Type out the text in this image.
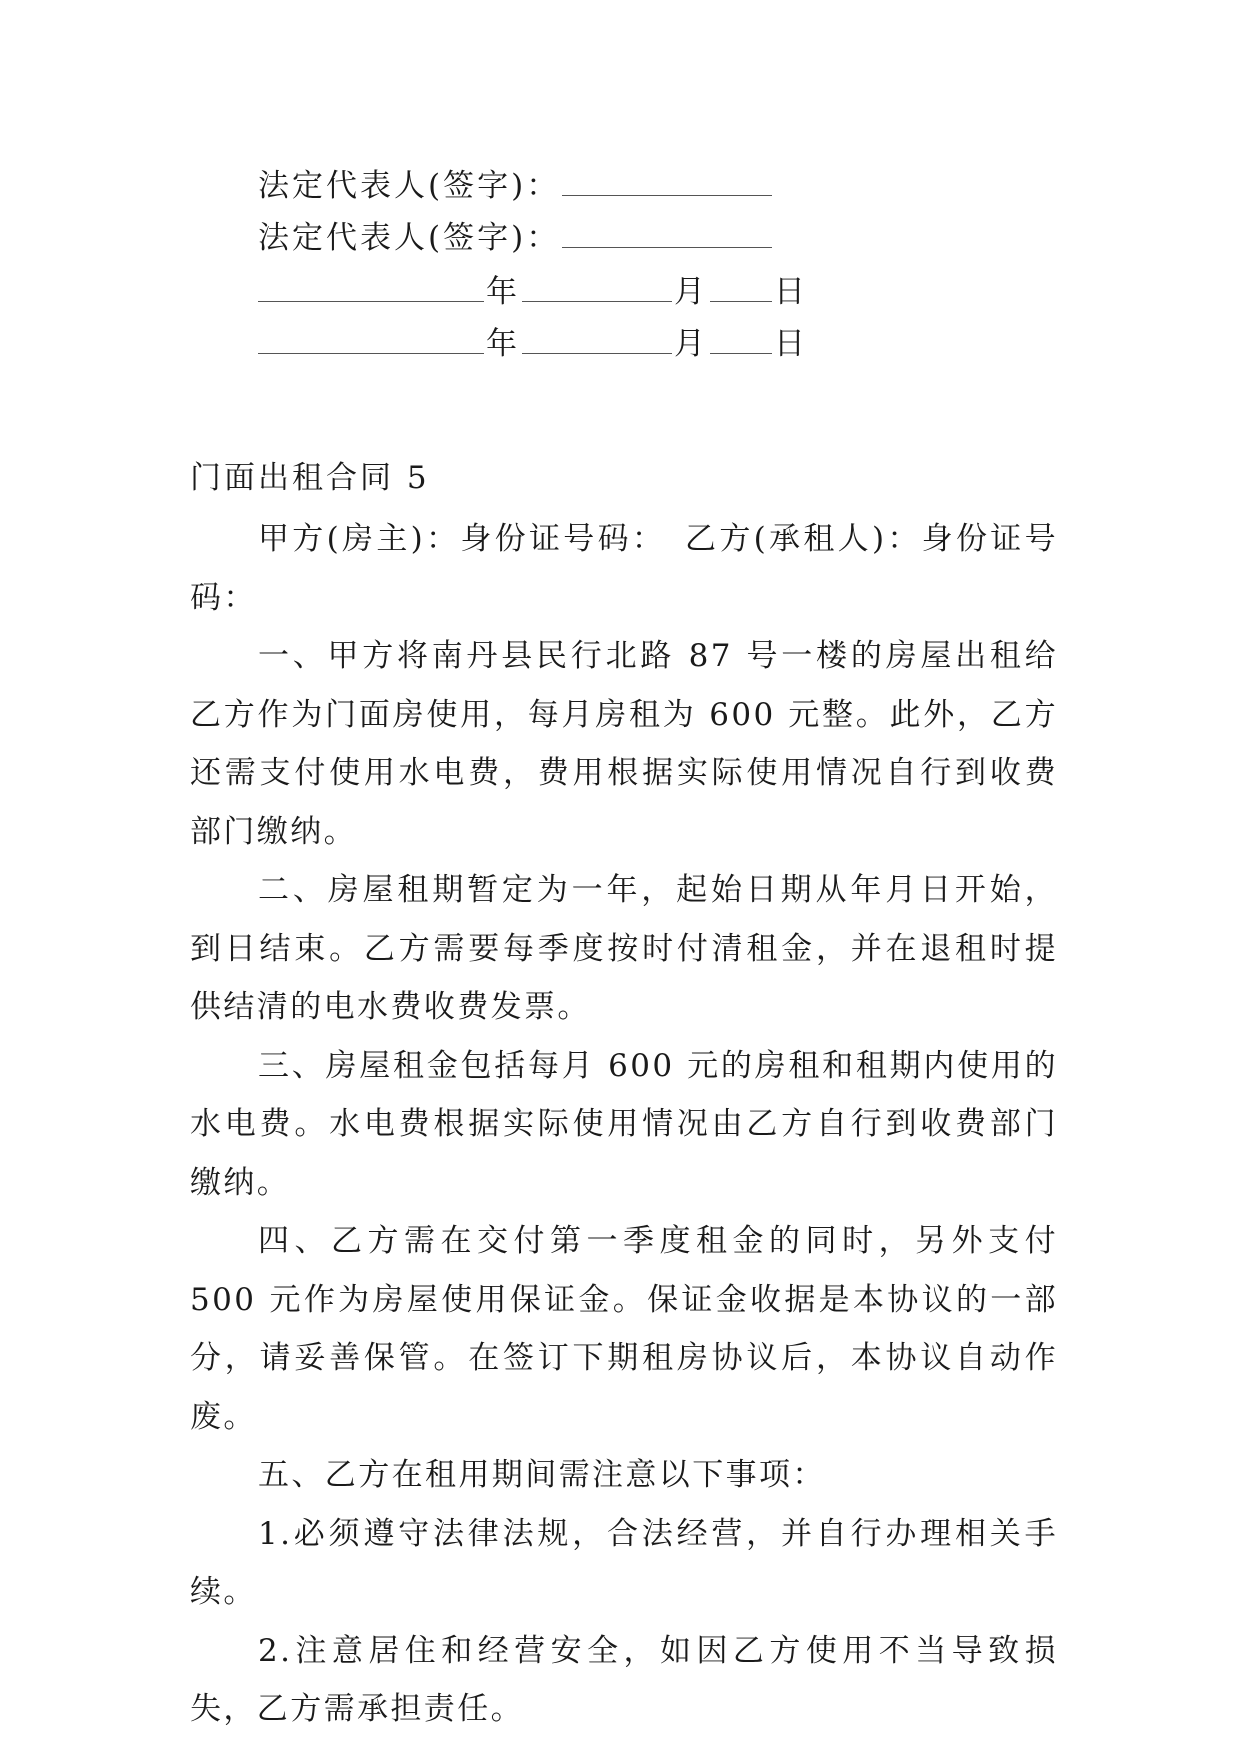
法定代表人(签字)：
法定代表人(签字)：
年	月 日
年	月 日
门面出租合同 5

甲方(房主)：身份证号码：　乙方(承租人)：身份证号码：

一、甲方将南丹县民行北路 87 号一楼的房屋出租给乙方作为门面房使用，每月房租为 600 元整。此外，乙方还需支付使用水电费，费用根据实际使用情况自行到收费部门缴纳。

二、房屋租期暂定为一年，起始日期从年月日开始，到日结束。乙方需要每季度按时付清租金，并在退租时提供结清的电水费收费发票。

三、房屋租金包括每月 600 元的房租和租期内使用的水电费。水电费根据实际使用情况由乙方自行到收费部门缴纳。

四、乙方需在交付第一季度租金的同时，另外支付 500 元作为房屋使用保证金。保证金收据是本协议的一部分，请妥善保管。在签订下期租房协议后，本协议自动作废。

五、乙方在租用期间需注意以下事项：

1.必须遵守法律法规，合法经营，并自行办理相关手续。

2.注意居住和经营安全，如因乙方使用不当导致损失，乙方需承担责任。
